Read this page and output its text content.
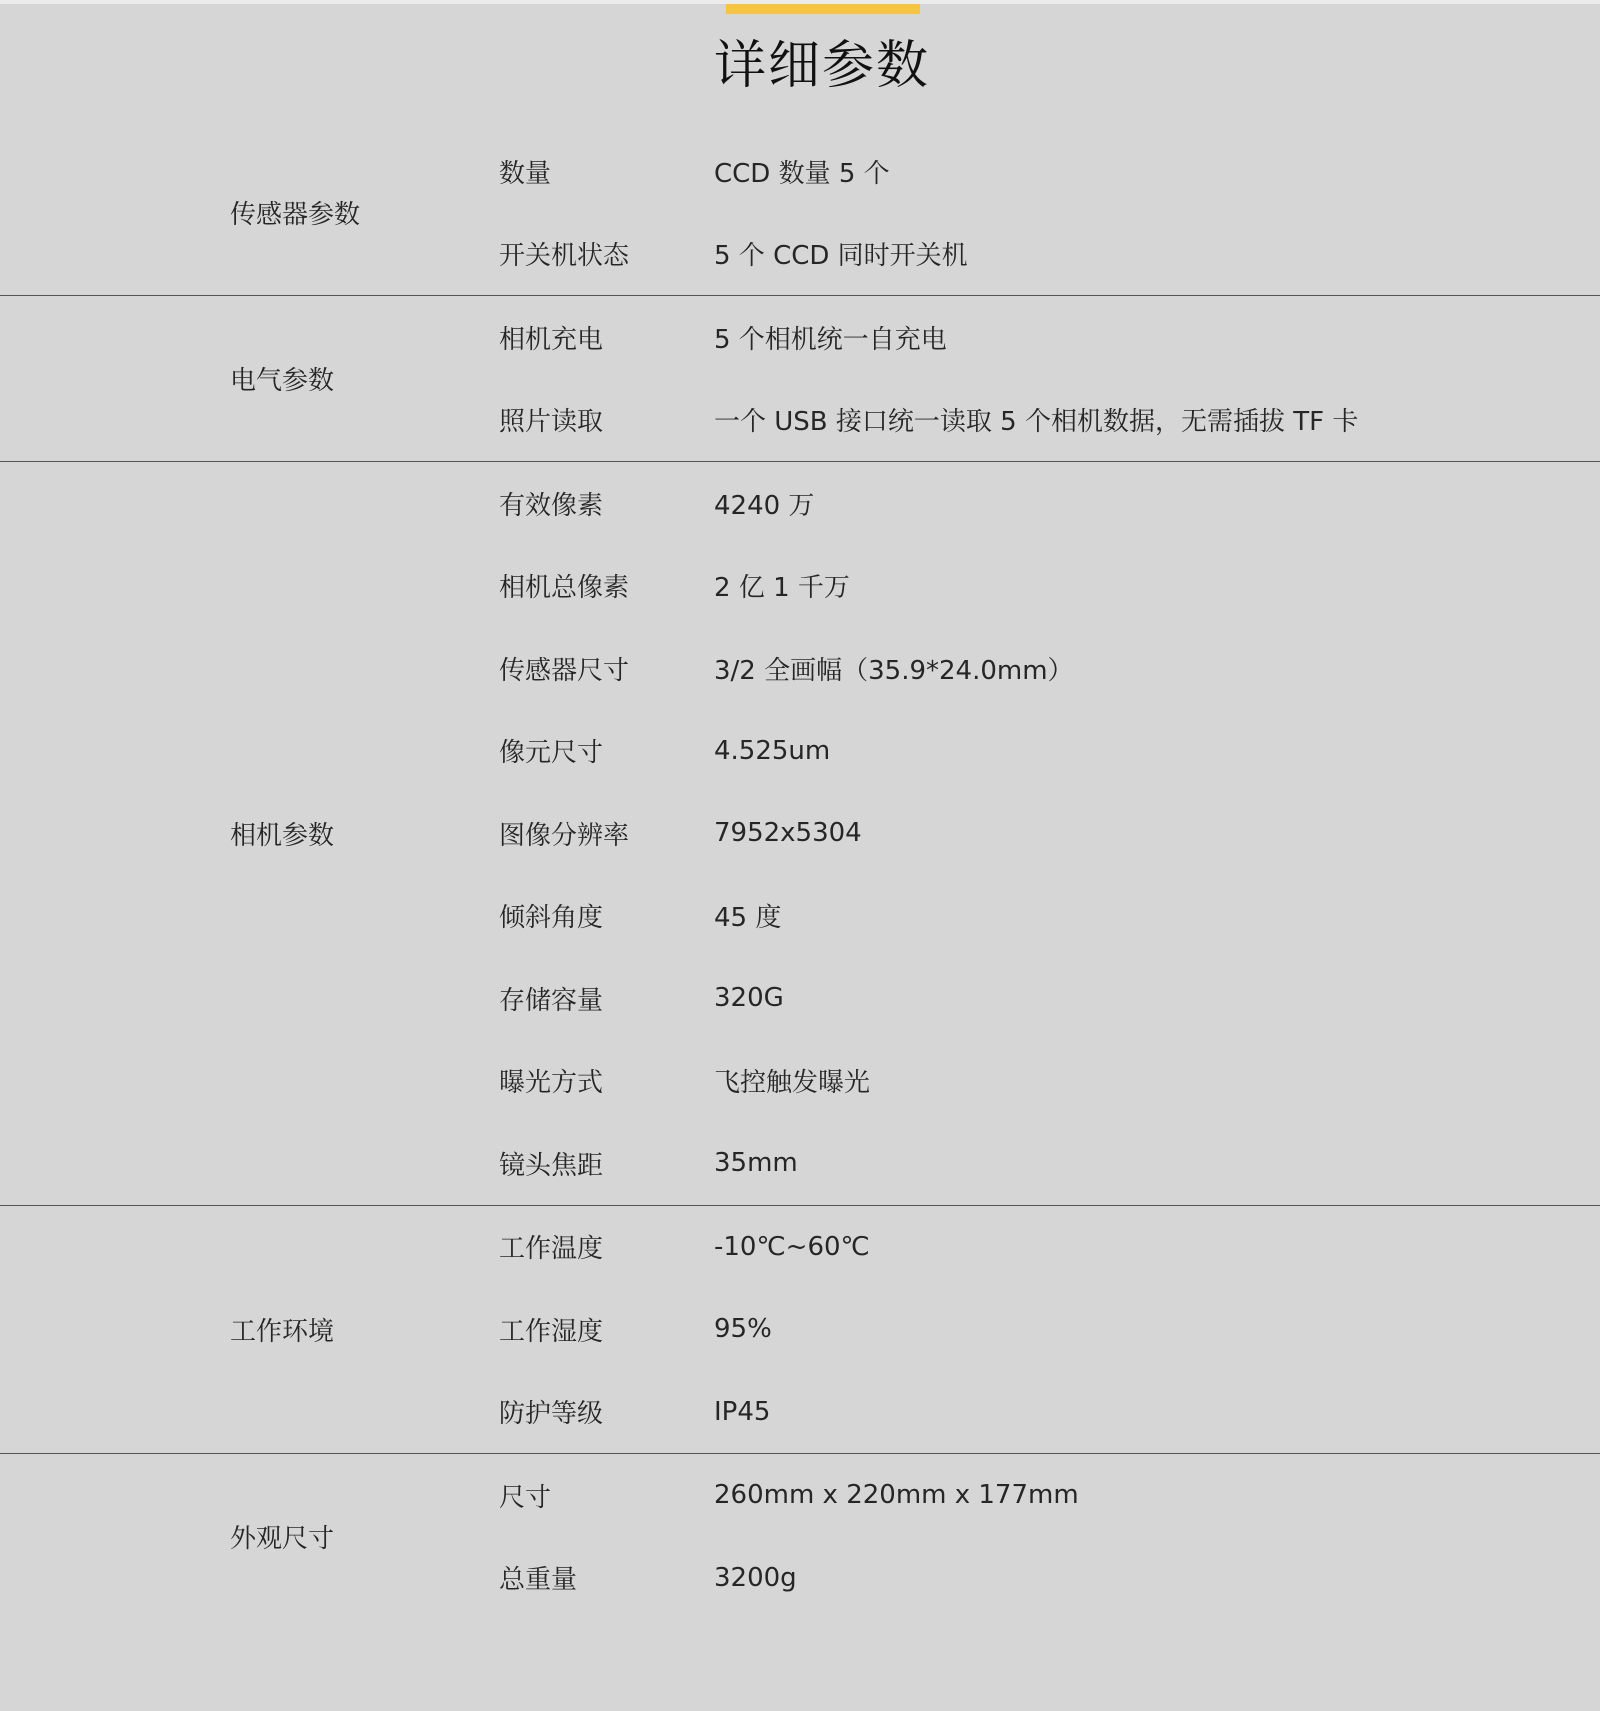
详细参数
传感器参数
数量	CCD 数量 5 个
开关机状态	5 个 CCD 同时开关机
电气参数
相机充电	5 个相机统一自充电
照片读取	一个 USB 接口统一读取 5 个相机数据，无需插拔 TF 卡
相机参数
有效像素	4240 万
相机总像素	2 亿 1 千万
传感器尺寸	3/2 全画幅（35.9*24.0mm）
像元尺寸	4.525um
图像分辨率	7952x5304
倾斜角度	45 度
存储容量	320G
曝光方式	飞控触发曝光
镜头焦距	35mm
工作环境
工作温度	-10℃~60℃
工作湿度	95%
防护等级	IP45
外观尺寸
尺寸	260mm x 220mm x 177mm
总重量	3200g
